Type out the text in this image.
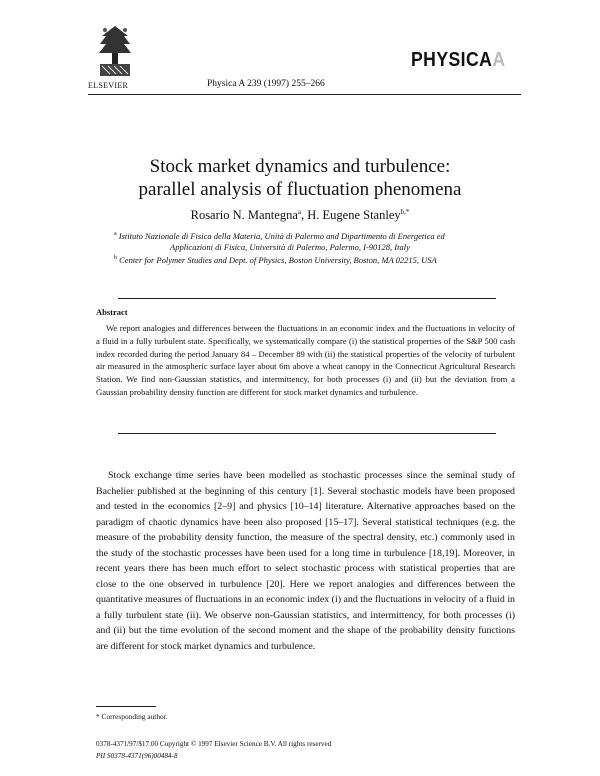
ELSEVIER	Physica A 239 (1997) 255–266
PHYSICAA
Stock market dynamics and turbulence:
parallel analysis of fluctuation phenomena
Rosario N. Mantegna$^a$, H. Eugene Stanley$^{b,*}$
$^a$ Istituto Nazionale di Fisica della Materia, Unità di Palermo and Dipartimento di Energetica ed
Applicazioni di Fisica, Università di Palermo, Palermo, I-90128, Italy
$^b$ Center for Polymer Studies and Dept. of Physics, Boston University, Boston, MA 02215, USA
Abstract

We report analogies and differences between the fluctuations in an economic index and the fluctuations in velocity of a fluid in a fully turbulent state. Specifically, we systematically compare (i) the statistical properties of the S&P 500 cash index recorded during the period January 84 – December 89 with (ii) the statistical properties of the velocity of turbulent air measured in the atmospheric surface layer about 6m above a wheat canopy in the Connecticut Agricultural Research Station. We find non-Gaussian statistics, and intermittency, for both processes (i) and (ii) but the deviation from a Gaussian probability density function are different for stock market dynamics and turbulence.

Stock exchange time series have been modelled as stochastic processes since the seminal study of Bachelier published at the beginning of this century [1]. Several stochastic models have been proposed and tested in the economics [2–9] and physics [10–14] literature. Alternative approaches based on the paradigm of chaotic dynamics have been also proposed [15–17]. Several statistical techniques (e.g. the measure of the probability density function, the measure of the spectral density, etc.) commonly used in the study of the stochastic processes have been used for a long time in turbulence [18,19]. Moreover, in recent years there has been much effort to select stochastic process with statistical properties that are close to the one observed in turbulence [20]. Here we report analogies and differences between the quantitative measures of fluctuations in an economic index (i) and the fluctuations in velocity of a fluid in a fully turbulent state (ii). We observe non-Gaussian statistics, and intermittency, for both processes (i) and (ii) but the time evolution of the second moment and the shape of the probability density functions are different for stock market dynamics and turbulence.

* Corresponding author.
0378-4371/97/$17.00 Copyright © 1997 Elsevier Science B.V. All rights reserved
PII S0378-4371(96)00484-8
